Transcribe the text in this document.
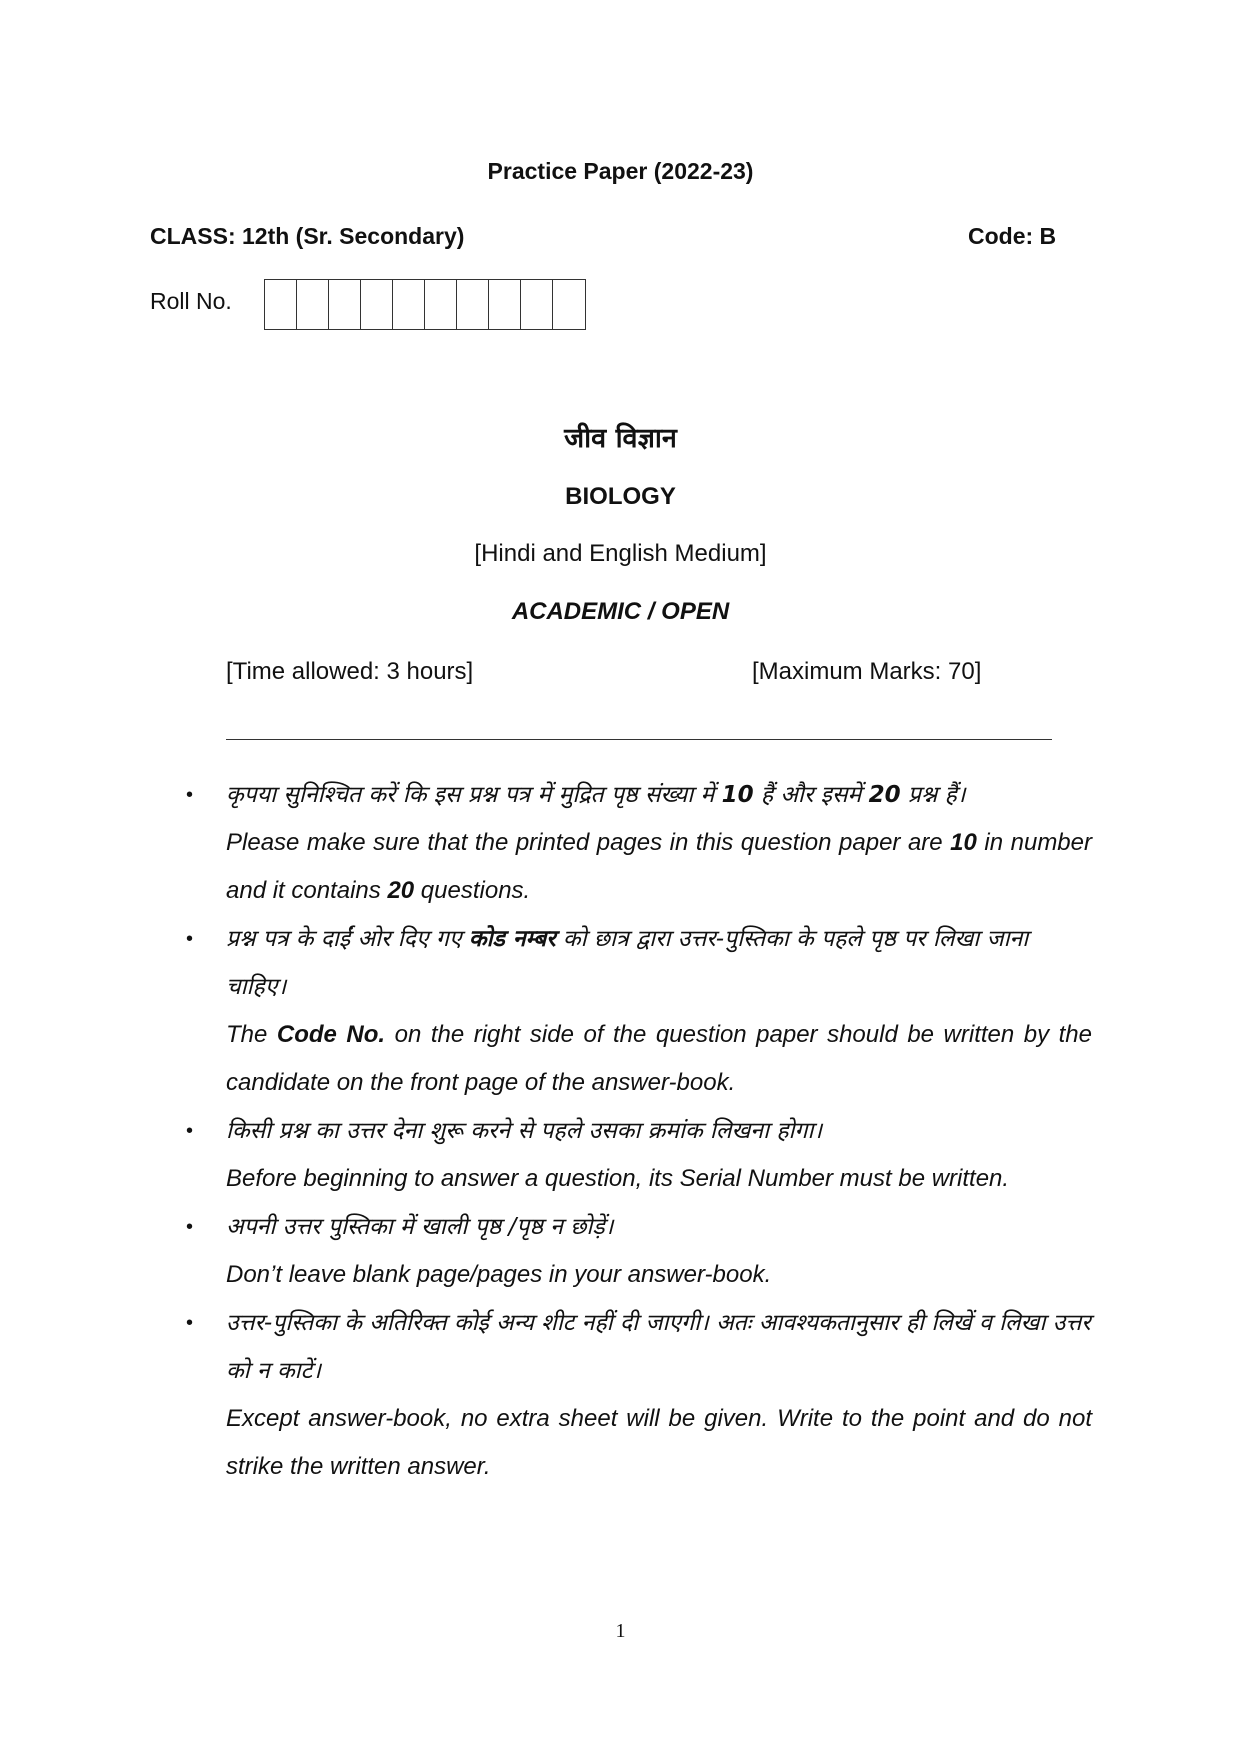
Practice Paper (2022-23)
CLASS: 12th (Sr. Secondary)	Code: B
Roll No.
जीव विज्ञान
BIOLOGY
[Hindi and English Medium]
ACADEMIC / OPEN
[Time allowed: 3 hours]	[Maximum Marks: 70]
• कृपया सुनिश्चित करें कि इस प्रश्न पत्र में मुद्रित पृष्ठ संख्या में 10 हैं और इसमें 20 प्रश्न हैं।
Please make sure that the printed pages in this question paper are 10 in number and it contains 20 questions.
• प्रश्न पत्र के दाईं ओर दिए गए कोड नम्बर को छात्र द्वारा उत्तर-पुस्तिका के पहले पृष्ठ पर लिखा जाना चाहिए।
The Code No. on the right side of the question paper should be written by the candidate on the front page of the answer-book.
• किसी प्रश्न का उत्तर देना शुरू करने से पहले उसका क्रमांक लिखना होगा।
Before beginning to answer a question, its Serial Number must be written.
• अपनी उत्तर पुस्तिका में खाली पृष्ठ /पृष्ठ न छोड़ें।
Don’t leave blank page/pages in your answer-book.
• उत्तर-पुस्तिका के अतिरिक्त कोई अन्य शीट नहीं दी जाएगी। अतः आवश्यकतानुसार ही लिखें व लिखा उत्तर को न काटें।
Except answer-book, no extra sheet will be given. Write to the point and do not strike the written answer.
1
